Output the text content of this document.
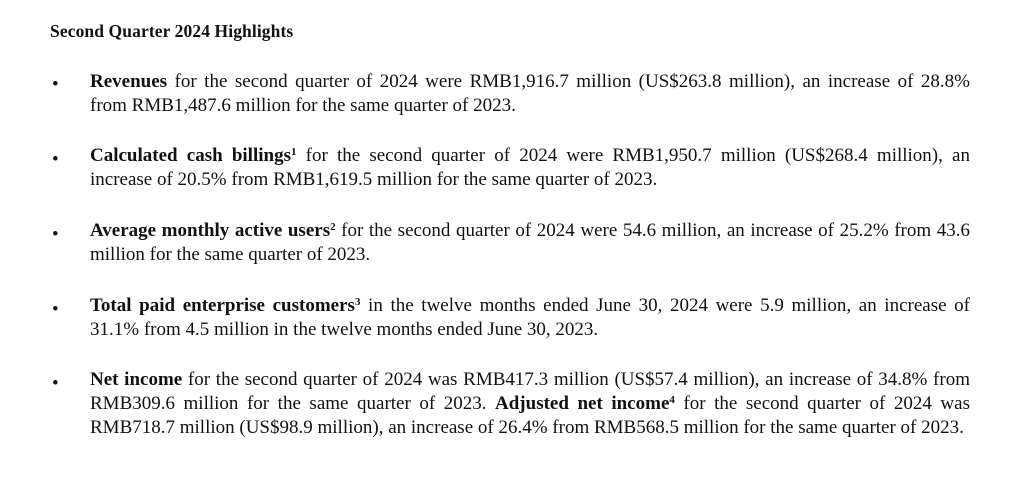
Second Quarter 2024 Highlights
• Revenues for the second quarter of 2024 were RMB1,916.7 million (US$263.8 million), an increase of 28.8% from RMB1,487.6 million for the same quarter of 2023.
• Calculated cash billings$^1$ for the second quarter of 2024 were RMB1,950.7 million (US$268.4 million), an increase of 20.5% from RMB1,619.5 million for the same quarter of 2023.
• Average monthly active users$^2$ for the second quarter of 2024 were 54.6 million, an increase of 25.2% from 43.6 million for the same quarter of 2023.
• Total paid enterprise customers$^3$ in the twelve months ended June 30, 2024 were 5.9 million, an increase of 31.1% from 4.5 million in the twelve months ended June 30, 2023.
• Net income for the second quarter of 2024 was RMB417.3 million (US$57.4 million), an increase of 34.8% from RMB309.6 million for the same quarter of 2023. Adjusted net income$^4$ for the second quarter of 2024 was RMB718.7 million (US$98.9 million), an increase of 26.4% from RMB568.5 million for the same quarter of 2023.
